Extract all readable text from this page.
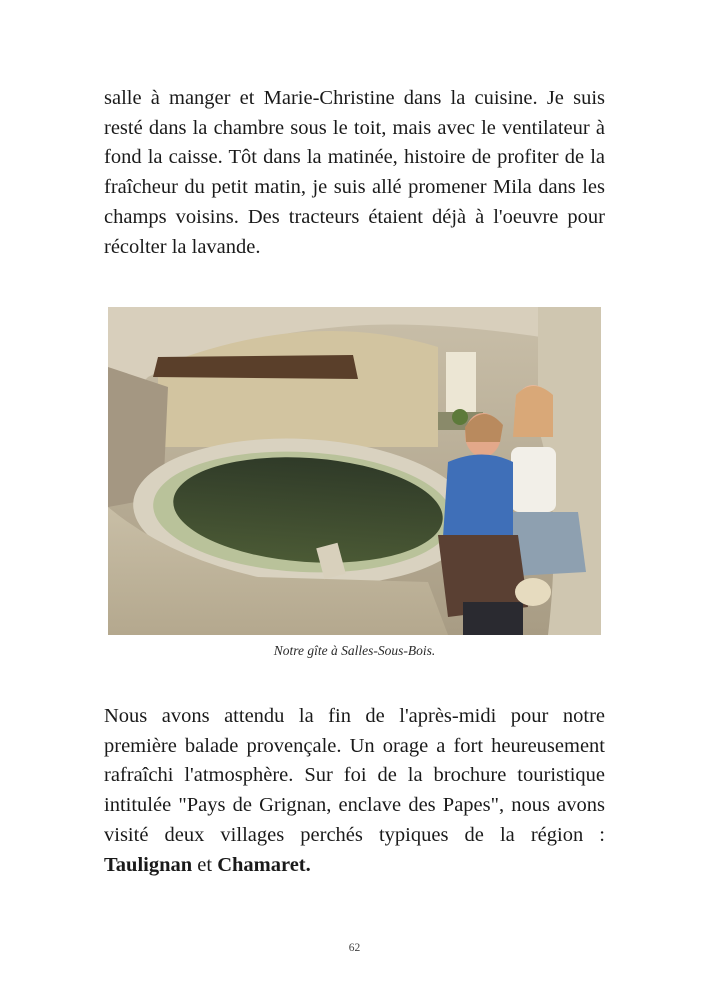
salle à manger et Marie-Christine dans la cuisine. Je suis resté dans la chambre sous le toit, mais avec le ventilateur à fond la caisse. Tôt dans la matinée, histoire de profiter de la fraîcheur du petit matin, je suis allé promener Mila dans les champs voisins. Des tracteurs étaient déjà à l'oeuvre pour récolter la lavande.

Notre gîte à Salles-Sous-Bois.

Nous avons attendu la fin de l'après-midi pour notre première balade provençale. Un orage a fort heureusement rafraîchi l'atmosphère. Sur foi de la brochure touristique intitulée "Pays de Grignan, enclave des Papes", nous avons visité deux villages perchés typiques de la région : Taulignan et Chamaret.

62
